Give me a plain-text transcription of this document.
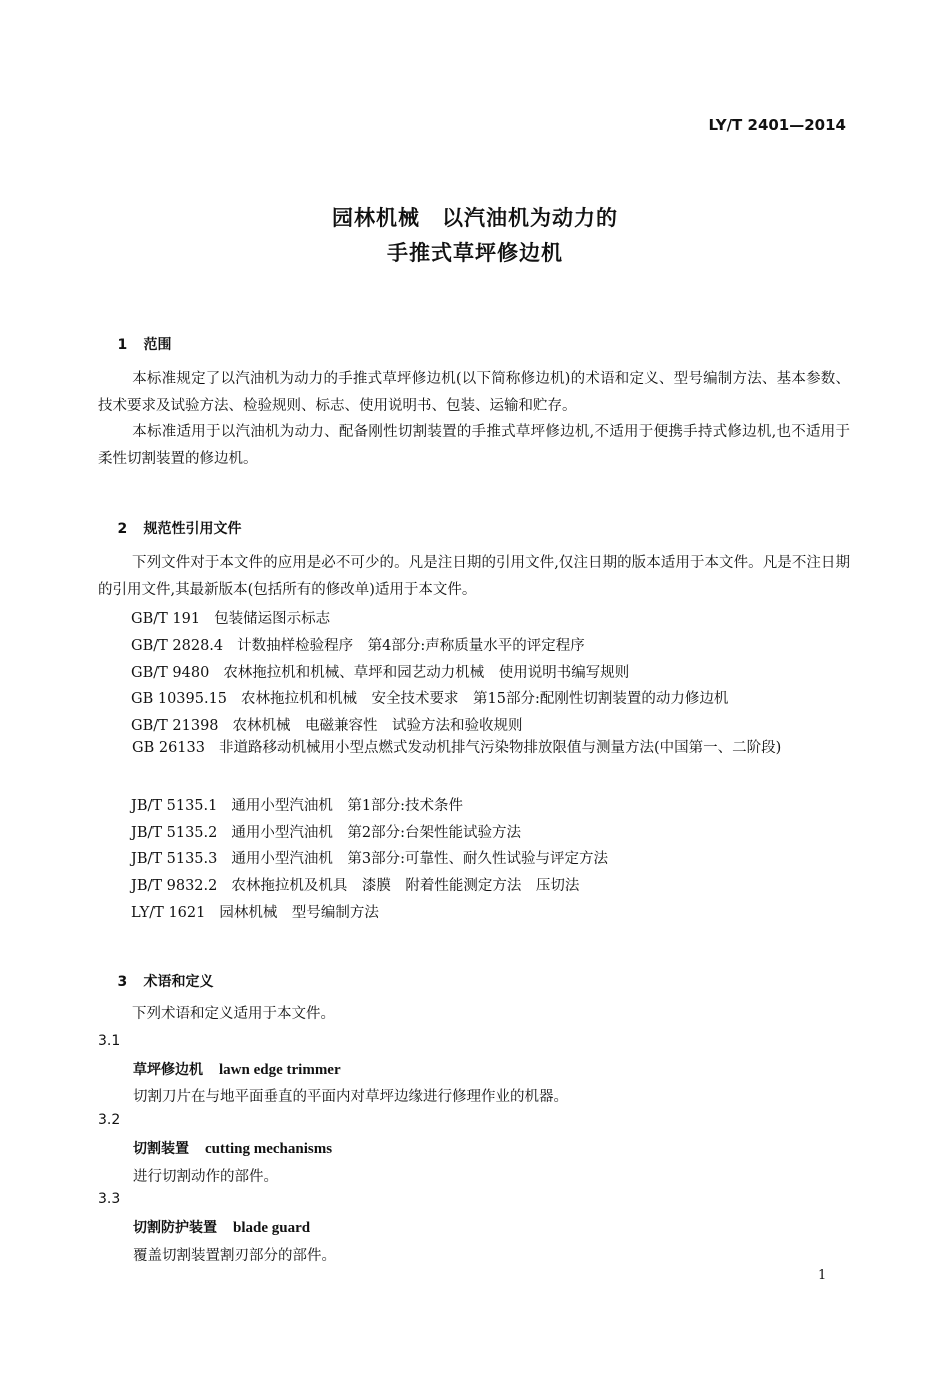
LY/T 2401—2014
园林机械　以汽油机为动力的
手推式草坪修边机

1 范围

本标准规定了以汽油机为动力的手推式草坪修边机(以下简称修边机)的术语和定义、型号编制方法、基本参数、技术要求及试验方法、检验规则、标志、使用说明书、包装、运输和贮存。
本标准适用于以汽油机为动力、配备刚性切割装置的手推式草坪修边机,不适用于便携手持式修边机,也不适用于柔性切割装置的修边机。

2 规范性引用文件

下列文件对于本文件的应用是必不可少的。凡是注日期的引用文件,仅注日期的版本适用于本文件。凡是不注日期的引用文件,其最新版本(包括所有的修改单)适用于本文件。
GB/T 191 包装储运图示标志
GB/T 2828.4 计数抽样检验程序　第4部分:声称质量水平的评定程序
GB/T 9480 农林拖拉机和机械、草坪和园艺动力机械　使用说明书编写规则
GB 10395.15 农林拖拉机和机械　安全技术要求　第15部分:配刚性切割装置的动力修边机
GB/T 21398 农林机械　电磁兼容性　试验方法和验收规则
GB 26133 非道路移动机械用小型点燃式发动机排气污染物排放限值与测量方法(中国第一、二阶段)
JB/T 5135.1 通用小型汽油机　第1部分:技术条件
JB/T 5135.2 通用小型汽油机　第2部分:台架性能试验方法
JB/T 5135.3 通用小型汽油机　第3部分:可靠性、耐久性试验与评定方法
JB/T 9832.2 农林拖拉机及机具　漆膜　附着性能测定方法　压切法
LY/T 1621 园林机械　型号编制方法

3 术语和定义

下列术语和定义适用于本文件。
3.1
草坪修边机 lawn edge trimmer
切割刀片在与地平面垂直的平面内对草坪边缘进行修理作业的机器。
3.2
切割装置 cutting mechanisms
进行切割动作的部件。
3.3
切割防护装置 blade guard
覆盖切割装置割刃部分的部件。
1
